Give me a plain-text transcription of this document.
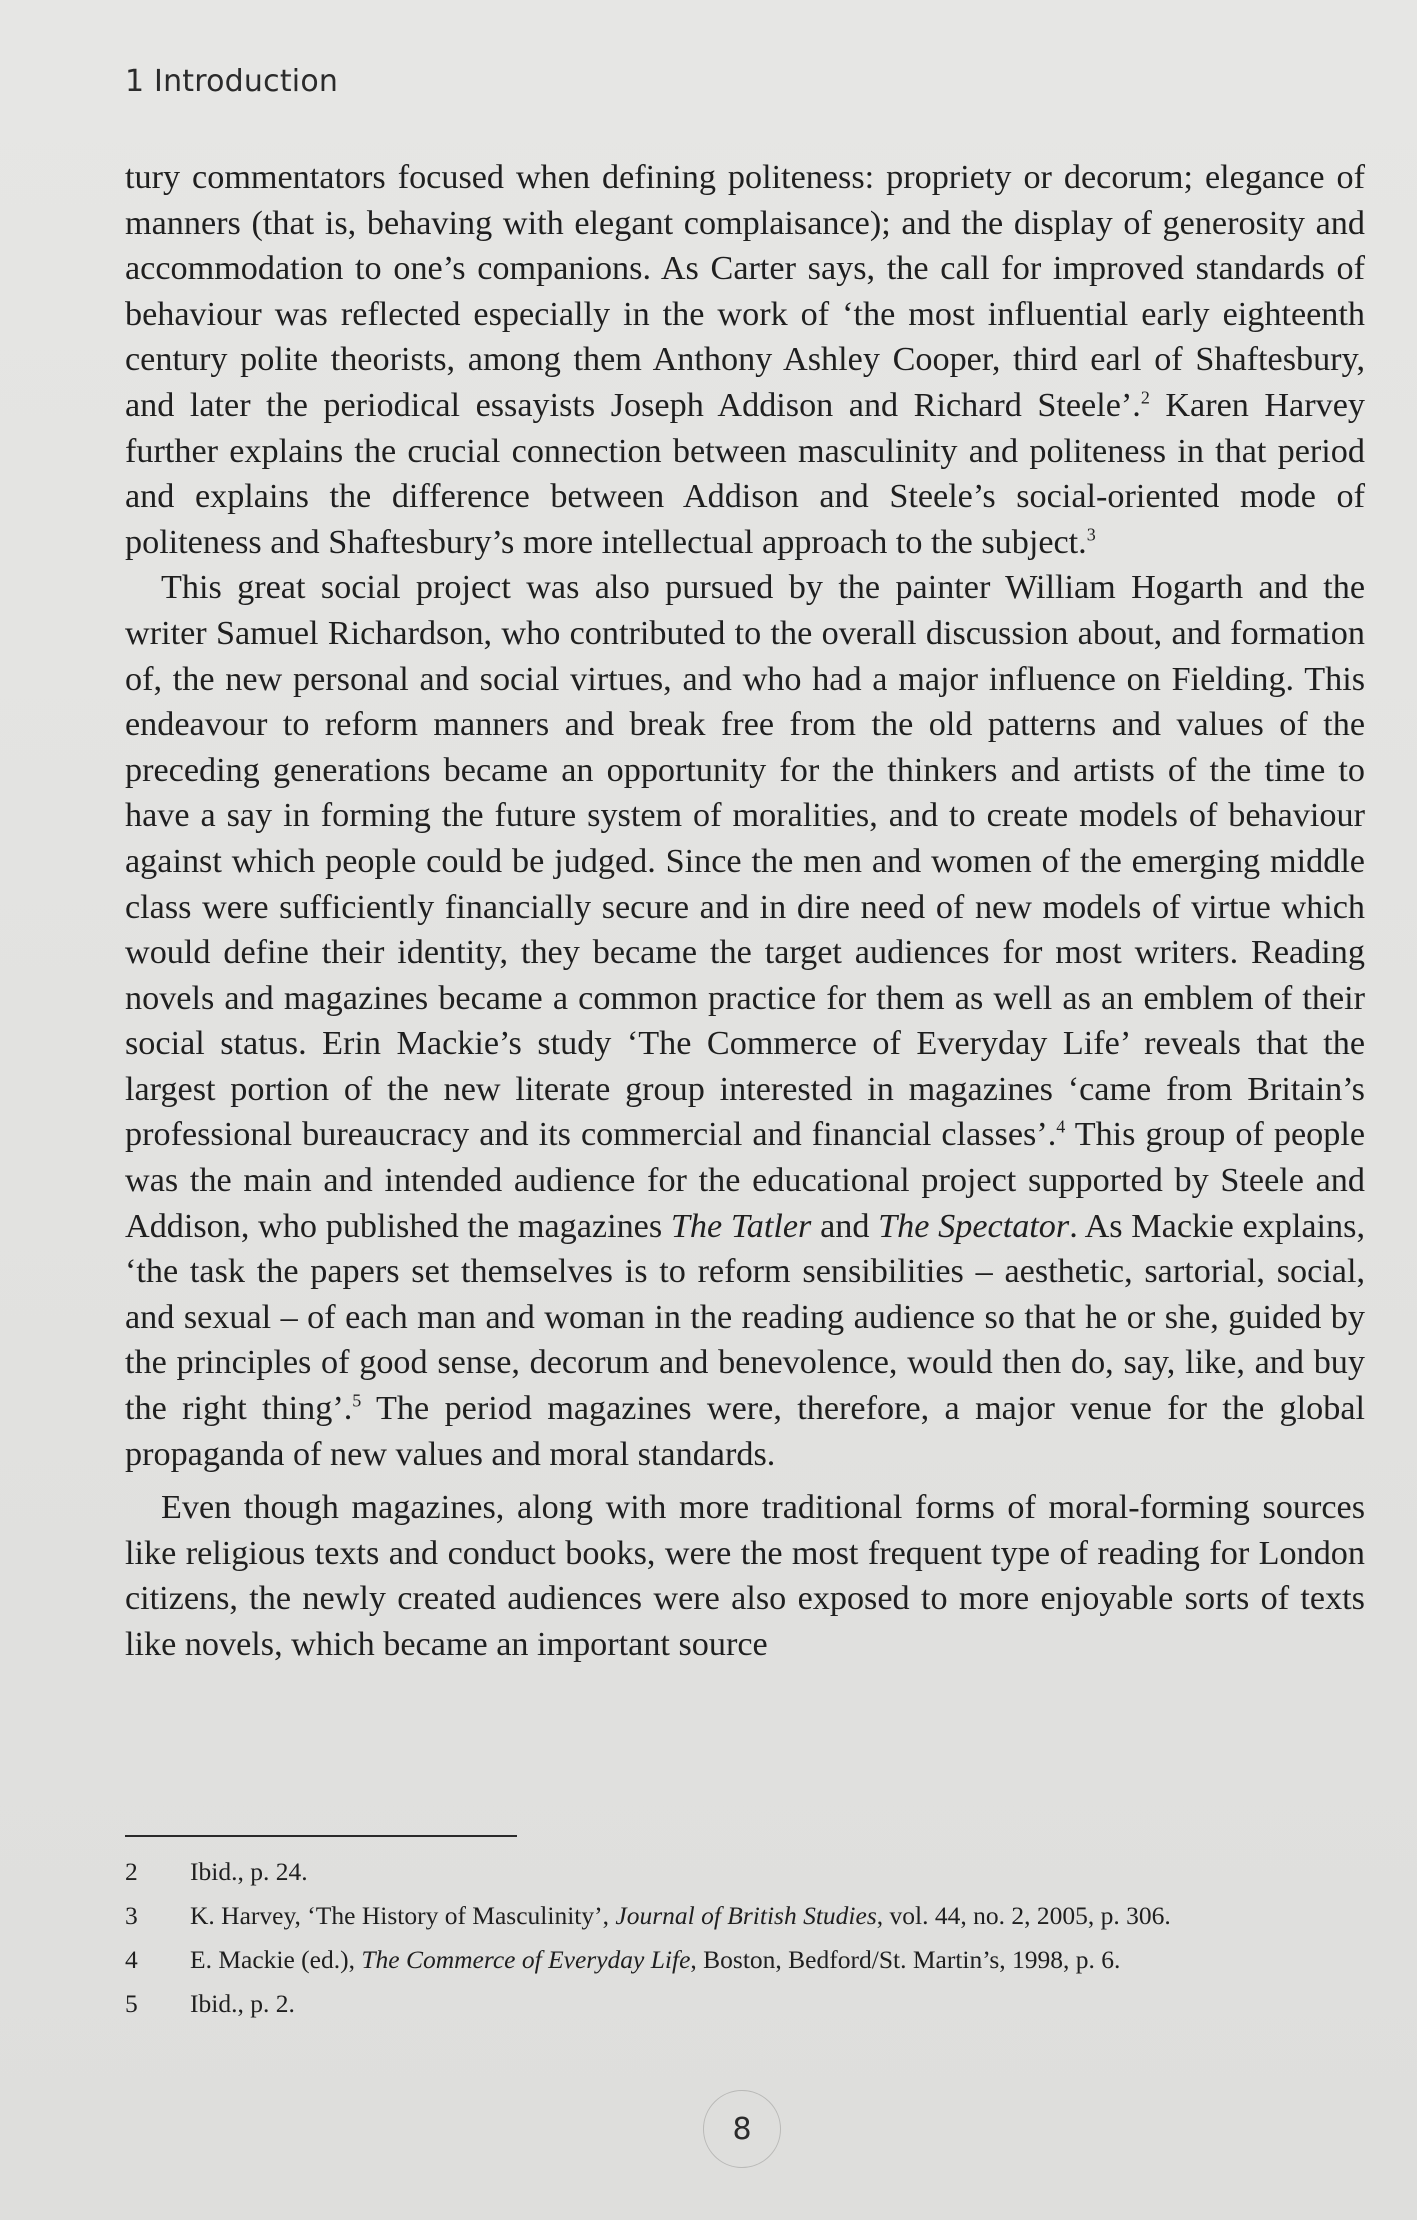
1 Introduction

tury commentators focused when defining politeness: propriety or decorum; elegance of manners (that is, behaving with elegant complaisance); and the display of generosity and accommodation to one’s companions. As Carter says, the call for improved standards of behaviour was reflected especially in the work of ‘the most influential early eighteenth century polite theorists, among them Anthony Ashley Cooper, third earl of Shaftesbury, and later the periodical essayists Joseph Addison and Richard Steele’.$^2$ Karen Harvey further explains the crucial connection between masculinity and politeness in that period and explains the difference between Addison and Steele’s social-oriented mode of politeness and Shaftesbury’s more intellectual approach to the subject.$^3$

This great social project was also pursued by the painter William Hogarth and the writer Samuel Richardson, who contributed to the overall discussion about, and formation of, the new personal and social virtues, and who had a major influence on Fielding. This endeavour to reform manners and break free from the old patterns and values of the preceding generations became an opportunity for the thinkers and artists of the time to have a say in forming the future system of moralities, and to create models of behaviour against which people could be judged. Since the men and women of the emerging middle class were sufficiently financially secure and in dire need of new models of virtue which would define their identity, they became the target audiences for most writers. Reading novels and magazines became a common practice for them as well as an emblem of their social status. Erin Mackie’s study ‘The Commerce of Everyday Life’ reveals that the largest portion of the new literate group interested in magazines ‘came from Britain’s professional bureaucracy and its commercial and financial classes’.$^4$ This group of people was the main and intended audience for the educational project supported by Steele and Addison, who published the magazines The Tatler and The Spectator. As Mackie explains, ‘the task the papers set themselves is to reform sensibilities – aesthetic, sartorial, social, and sexual – of each man and woman in the reading audience so that he or she, guided by the principles of good sense, decorum and benevolence, would then do, say, like, and buy the right thing’.$^5$ The period magazines were, therefore, a major venue for the global propaganda of new values and moral standards.

Even though magazines, along with more traditional forms of moral-forming sources like religious texts and conduct books, were the most frequent type of reading for London citizens, the newly created audiences were also exposed to more enjoyable sorts of texts like novels, which became an important source

2	Ibid., p. 24.
3	K. Harvey, ‘The History of Masculinity’, Journal of British Studies, vol. 44, no. 2, 2005, p. 306.
4	E. Mackie (ed.), The Commerce of Everyday Life, Boston, Bedford/St. Martin’s, 1998, p. 6.
5	Ibid., p. 2.
8
